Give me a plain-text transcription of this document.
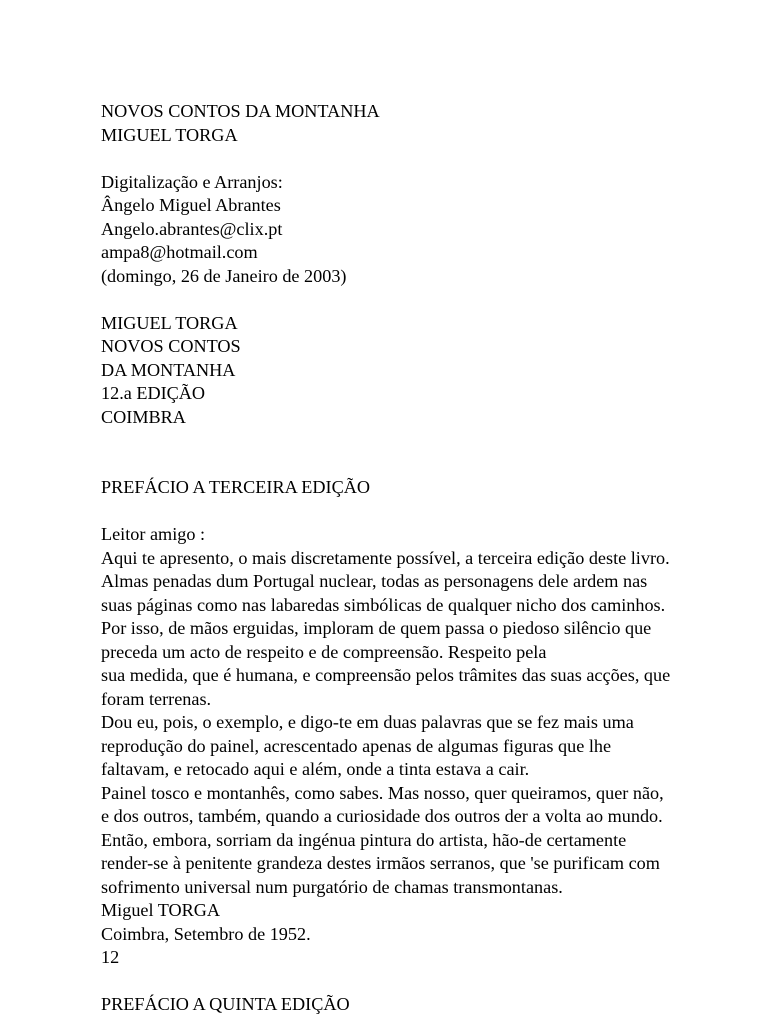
NOVOS CONTOS DA MONTANHA
MIGUEL TORGA
Digitalização e Arranjos:
Ângelo Miguel Abrantes
Angelo.abrantes@clix.pt
ampa8@hotmail.com
(domingo, 26 de Janeiro de 2003)
MIGUEL TORGA
NOVOS CONTOS
DA MONTANHA
12.a EDIÇÃO
COIMBRA
PREFÁCIO A TERCEIRA EDIÇÃO
Leitor amigo :
Aqui te apresento, o mais discretamente possível, a terceira edição deste livro.
Almas penadas dum Portugal nuclear, todas as personagens dele ardem nas
suas páginas como nas labaredas simbólicas de qualquer nicho dos caminhos.
Por isso, de mãos erguidas, imploram de quem passa o piedoso silêncio que
preceda um acto de respeito e de compreensão. Respeito pela
sua medida, que é humana, e compreensão pelos trâmites das suas acções, que
foram terrenas.
Dou eu, pois, o exemplo, e digo-te em duas palavras que se fez mais uma
reprodução do painel, acrescentado apenas de algumas figuras que lhe
faltavam, e retocado aqui e além, onde a tinta estava a cair.
Painel tosco e montanhês, como sabes. Mas nosso, quer queiramos, quer não,
e dos outros, também, quando a curiosidade dos outros der a volta ao mundo.
Então, embora, sorriam da ingénua pintura do artista, hão-de certamente
render-se à penitente grandeza destes irmãos serranos, que 'se purificam com
sofrimento universal num purgatório de chamas transmontanas.
Miguel TORGA
Coimbra, Setembro de 1952.
12
PREFÁCIO A QUINTA EDIÇÃO
